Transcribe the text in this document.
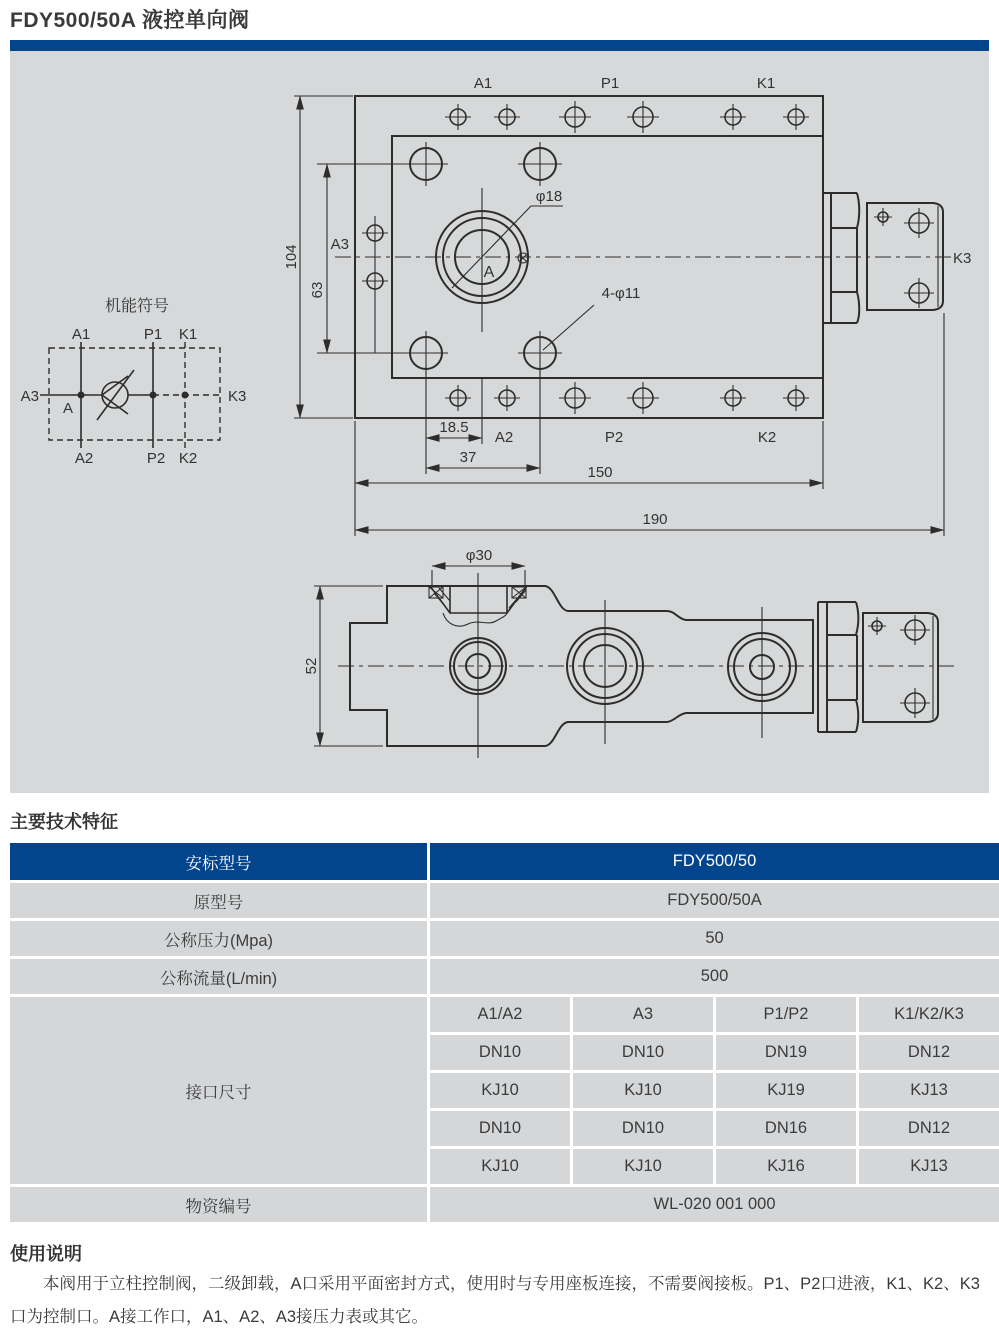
FDY500/50A 液控单向阀
机能符号
A1	P1 K1
A2	P2 K2
A3	K3
A
A
φ18
4-φ11
A1	P1	K1
A2	P2	K2
A3
K3
104
63
18.5
37
150
190
φ30
52
主要技术特征
安标型号	FDY500/50			
原型号	FDY500/50A			
公称压力(Mpa)	50			
公称流量(L/min)	500			
接口尺寸	A1/A2	A3	P1/P2	K1/K2/K3
	DN10	DN10	DN19	DN12
	KJ10	KJ10	KJ19	KJ13
	DN10	DN10	DN16	DN12
	KJ10	KJ10	KJ16	KJ13
物资编号	WL-020 001 000			
使用说明

本阀用于立柱控制阀，二级卸载，A口采用平面密封方式，使用时与专用座板连接，不需要阀接板。P1、P2口进液，K1、K2、K3口为控制口。A接工作口，A1、A2、A3接压力表或其它。
